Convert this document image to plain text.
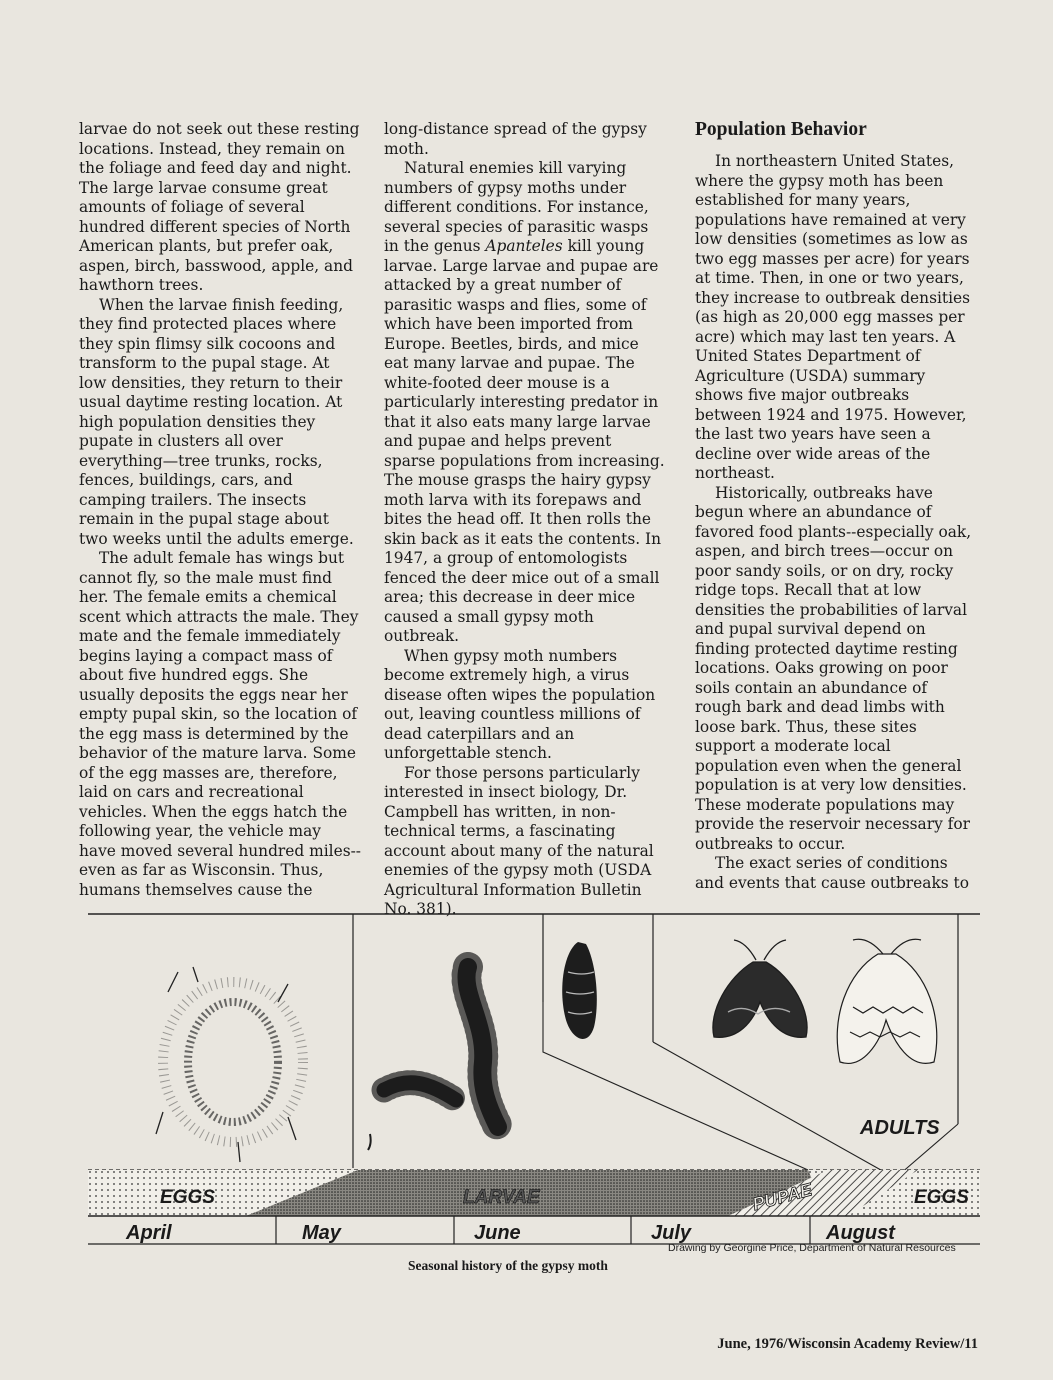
larvae do not seek out these resting locations. Instead, they remain on the foliage and feed day and night. The large larvae consume great amounts of foliage of several hundred different species of North American plants, but prefer oak, aspen, birch, basswood, apple, and hawthorn trees.

When the larvae finish feeding, they find protected places where they spin flimsy silk cocoons and transform to the pupal stage. At low densities, they return to their usual daytime resting location. At high population densities they pupate in clusters all over everything—tree trunks, rocks, fences, buildings, cars, and camping trailers. The insects remain in the pupal stage about two weeks until the adults emerge.

The adult female has wings but cannot fly, so the male must find her. The female emits a chemical scent which attracts the male. They mate and the female immediately begins laying a compact mass of about five hundred eggs. She usually deposits the eggs near her empty pupal skin, so the location of the egg mass is determined by the behavior of the mature larva. Some of the egg masses are, therefore, laid on cars and recreational vehicles. When the eggs hatch the following year, the vehicle may have moved several hundred miles--even as far as Wisconsin. Thus, humans themselves cause the

long-distance spread of the gypsy moth.

Natural enemies kill varying numbers of gypsy moths under different conditions. For instance, several species of parasitic wasps in the genus Apanteles kill young larvae. Large larvae and pupae are attacked by a great number of parasitic wasps and flies, some of which have been imported from Europe. Beetles, birds, and mice eat many larvae and pupae. The white-footed deer mouse is a particularly interesting predator in that it also eats many large larvae and pupae and helps prevent sparse populations from increasing. The mouse grasps the hairy gypsy moth larva with its forepaws and bites the head off. It then rolls the skin back as it eats the contents. In 1947, a group of entomologists fenced the deer mice out of a small area; this decrease in deer mice caused a small gypsy moth outbreak.

When gypsy moth numbers become extremely high, a virus disease often wipes the population out, leaving countless millions of dead caterpillars and an unforgettable stench.

For those persons particularly interested in insect biology, Dr. Campbell has written, in non-technical terms, a fascinating account about many of the natural enemies of the gypsy moth (USDA Agricultural Information Bulletin No. 381).

Population Behavior

In northeastern United States, where the gypsy moth has been established for many years, populations have remained at very low densities (sometimes as low as two egg masses per acre) for years at time. Then, in one or two years, they increase to outbreak densities (as high as 20,000 egg masses per acre) which may last ten years. A United States Department of Agriculture (USDA) summary shows five major outbreaks between 1924 and 1975. However, the last two years have seen a decline over wide areas of the northeast.

Historically, outbreaks have begun where an abundance of favored food plants--especially oak, aspen, and birch trees—occur on poor sandy soils, or on dry, rocky ridge tops. Recall that at low densities the probabilities of larval and pupal survival depend on finding protected daytime resting locations. Oaks growing on poor soils contain an abundance of rough bark and dead limbs with loose bark. Thus, these sites support a moderate local population even when the general population is at very low densities. These moderate populations may provide the reservoir necessary for outbreaks to occur.

The exact series of conditions and events that cause outbreaks to

ADULTS
EGGS	LARVAE	PUPAE	EGGS
April	May	June	July	August
Drawing by Georgine Price, Department of Natural Resources
Seasonal history of the gypsy moth
June, 1976/Wisconsin Academy Review/11
